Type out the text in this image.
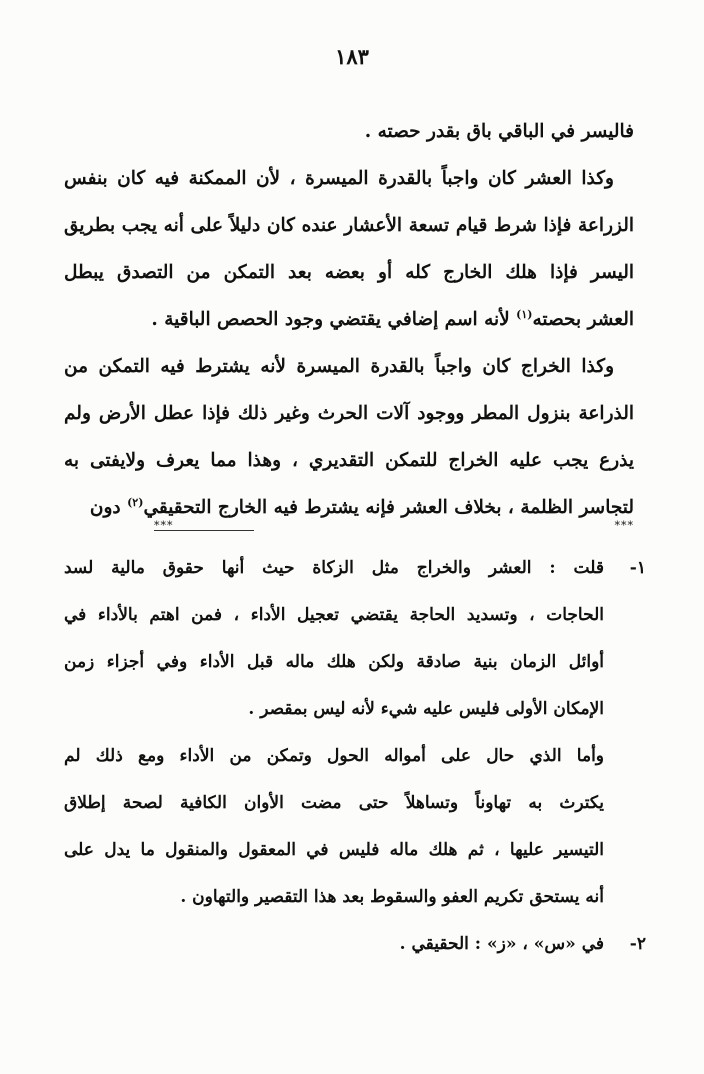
١٨٣
فاليسر في الباقي باق بقدر حصته .
وكذا العشر كان واجباً بالقدرة الميسرة ، لأن الممكنة فيه كان بنفس
الزراعة فإذا شرط قيام تسعة الأعشار عنده كان دليلاً على أنه يجب بطريق
اليسر فإذا هلك الخارج كله أو بعضه بعد التمكن من التصدق يبطل
العشر بحصته$^{(١)}$ لأنه اسم إضافي يقتضي وجود الحصص الباقية .
وكذا الخراج كان واجباً بالقدرة الميسرة لأنه يشترط فيه التمكن من
الذراعة بنزول المطر ووجود آلات الحرث وغير ذلك فإذا عطل الأرض ولم
يذرع يجب عليه الخراج للتمكن التقديري ، وهذا مما يعرف ولايفتى به
لتجاسر الظلمة ، بخلاف العشر فإنه يشترط فيه الخارج التحقيقي$^{(٢)}$ دون
***
***
١-قلت : العشر والخراج مثل الزكاة حيث أنها حقوق مالية لسد
الحاجات ، وتسديد الحاجة يقتضي تعجيل الأداء ، فمن اهتم بالأداء في
أوائل الزمان بنية صادقة ولكن هلك ماله قبل الأداء وفي أجزاء زمن
الإمكان الأولى فليس عليه شيء لأنه ليس بمقصر .
وأما الذي حال على أمواله الحول وتمكن من الأداء ومع ذلك لم
يكترث به تهاوناً وتساهلاً حتى مضت الأوان الكافية لصحة إطلاق
التيسير عليها ، ثم هلك ماله فليس في المعقول والمنقول ما يدل على
أنه يستحق تكريم العفو والسقوط بعد هذا التقصير والتهاون .
٢-في «س» ، «ز» : الحقيقي .
